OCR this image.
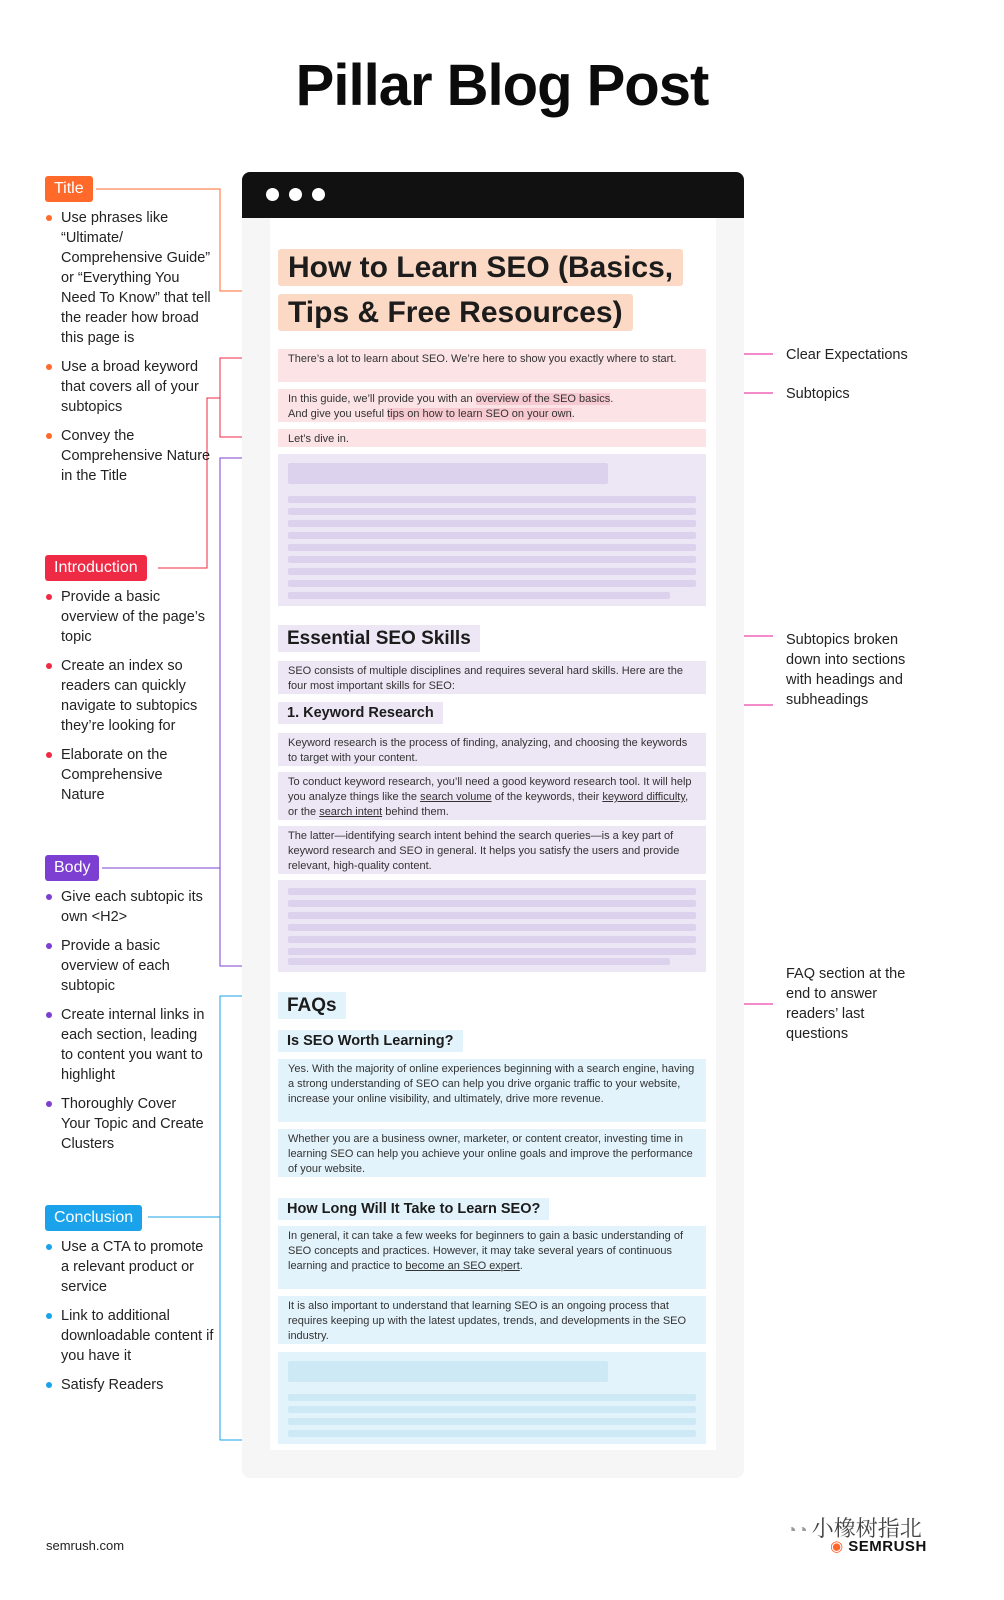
Pillar Blog Post
Title
Use phrases like “Ultimate/ Comprehensive Guide” or “Everything You Need To Know” that tell the reader how broad this page is
Use a broad keyword that covers all of your subtopics
Convey the Comprehensive Nature in the Title
Introduction
Provide a basic overview of the page’s topic
Create an index so readers can quickly navigate to subtopics they’re looking for
Elaborate on the Comprehensive Nature
Body
Give each subtopic its own <H2>
Provide a basic overview of each subtopic
Create internal links in each section, leading to content you want to highlight
Thoroughly Cover Your Topic and Create Clusters
Conclusion
Use a CTA to promote a relevant product or service
Link to additional downloadable content if you have it
Satisfy Readers
How to Learn SEO (Basics,
Tips & Free Resources)
There’s a lot to learn about SEO. We’re here to show you exactly where to start.
In this guide, we’ll provide you with an overview of the SEO basics.
And give you useful tips on how to learn SEO on your own.
Let’s dive in.
Essential SEO Skills
SEO consists of multiple disciplines and requires several hard skills. Here are the four most important skills for SEO:
1. Keyword Research
Keyword research is the process of finding, analyzing, and choosing the keywords to target with your content.
To conduct keyword research, you’ll need a good keyword research tool. It will help you analyze things like the search volume of the keywords, their keyword difficulty, or the search intent behind them.
The latter—identifying search intent behind the search queries—is a key part of keyword research and SEO in general. It helps you satisfy the users and provide relevant, high-quality content.
FAQs
Is SEO Worth Learning?
Yes. With the majority of online experiences beginning with a search engine, having a strong understanding of SEO can help you drive organic traffic to your website, increase your online visibility, and ultimately, drive more revenue.
Whether you are a business owner, marketer, or content creator, investing time in learning SEO can help you achieve your online goals and improve the performance of your website.
How Long Will It Take to Learn SEO?
In general, it can take a few weeks for beginners to gain a basic understanding of SEO concepts and practices. However, it may take several years of continuous learning and practice to become an SEO expert.
It is also important to understand that learning SEO is an ongoing process that requires keeping up with the latest updates, trends, and developments in the SEO industry.
Clear Expectations
Subtopics
Subtopics broken down into sections with headings and subheadings
FAQ section at the end to answer readers’ last questions
semrush.com
◔◔ 小橡树指北
◉ SEMRUSH
